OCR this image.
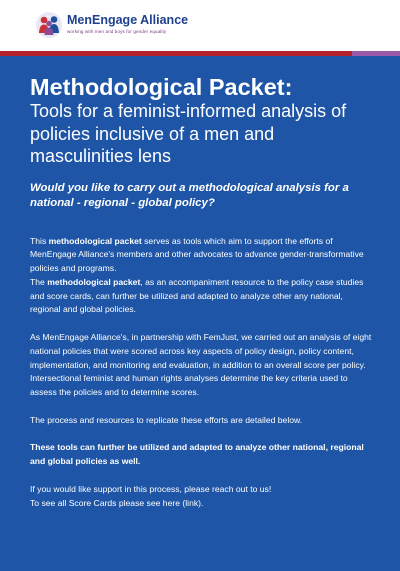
MenEngage Alliance
working with men and boys for gender equality
Methodological Packet:
Tools for a feminist-informed analysis of policies inclusive of a men and masculinities lens

Would you like to carry out a methodological analysis for a national - regional - global policy?

This methodological packet serves as tools which aim to support the efforts of MenEngage Alliance's members and other advocates to advance gender-transformative policies and programs.

The methodological packet, as an accompaniment resource to the policy case studies and score cards, can further be utilized and adapted to analyze other any national, regional and global policies.

As MenEngage Alliance's, in partnership with FemJust, we carried out an analysis of eight national policies that were scored across key aspects of policy design, policy content, implementation, and monitoring and evaluation, in addition to an overall score per policy. Intersectional feminist and human rights analyses determine the key criteria used to assess the policies and to determine scores.

The process and resources to replicate these efforts are detailed below.

These tools can further be utilized and adapted to analyze other national, regional and global policies as well.

If you would like support in this process, please reach out to us!

To see all Score Cards please see here (link).
